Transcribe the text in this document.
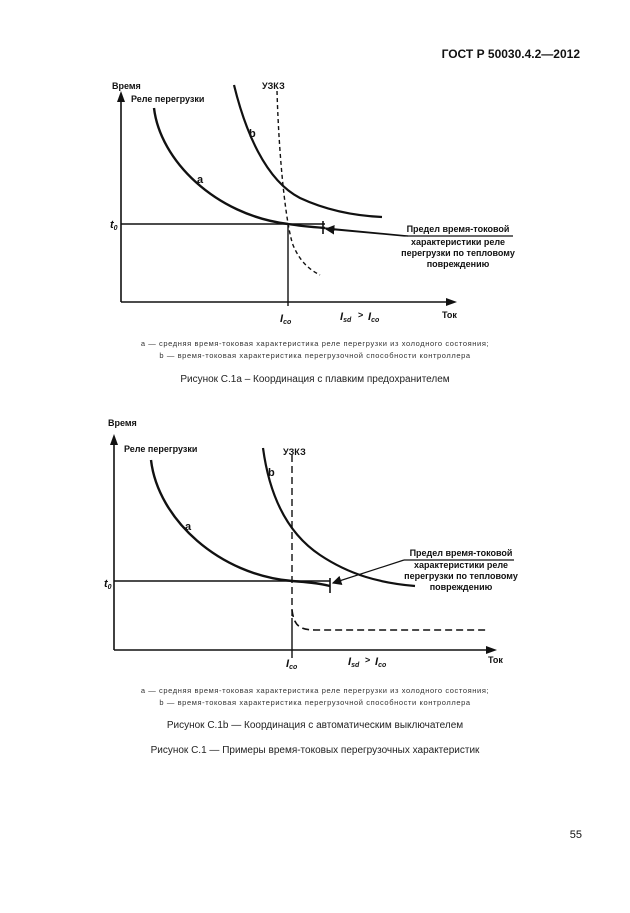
ГОСТ Р 50030.4.2—2012
Время
Ток
t0
УЗКЗ
Реле перегрузки
a
b
Предел время-токовой
характеристики реле
перегрузки по тепловому
повреждению
Ico	Isd
> Ico
a — средняя время-токовая характеристика реле перегрузки из холодного состояния;
b — время-токовая характеристика перегрузочной способности контроллера
Рисунок С.1a – Координация с плавким предохранителем
Время
Ток
t0
УЗКЗ
Реле перегрузки
a
b
Предел время-токовой
характеристики реле
перегрузки по тепловому
повреждению
Ico	Isd
> Ico
a — средняя время-токовая характеристика реле перегрузки из холодного состояния;
b — время-токовая характеристика перегрузочной способности контроллера
Рисунок С.1b — Координация с автоматическим выключателем
Рисунок С.1 — Примеры время-токовых перегрузочных характеристик
55
